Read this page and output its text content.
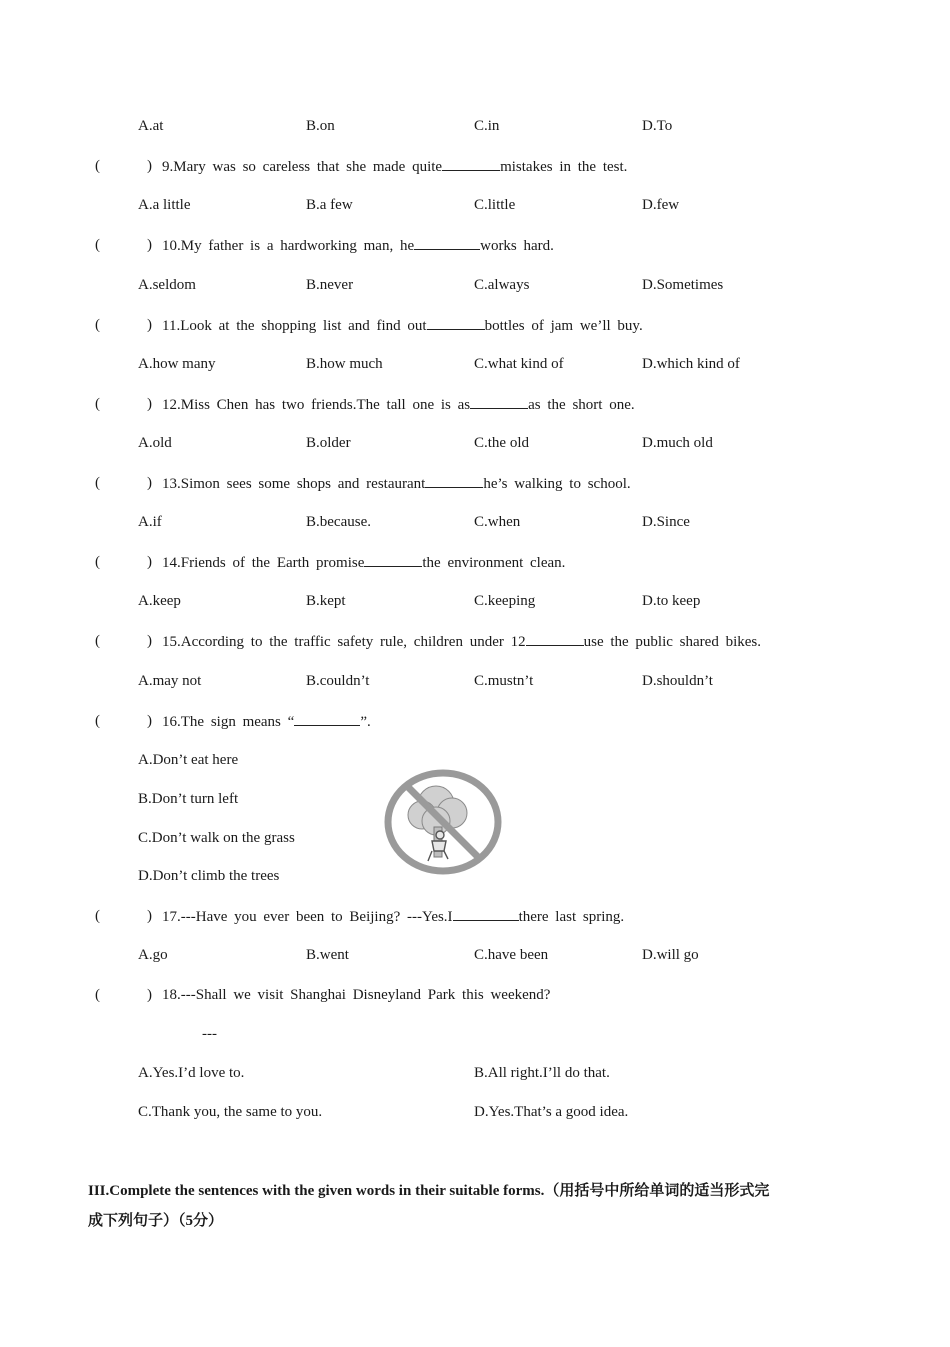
A.at	B.on	C.in	D.To
(	) 9.Mary was so careless that she made quite	mistakes in the test.
A.a little	B.a few	C.little	D.few
(	) 10.My father is a hardworking man, he	works hard.
A.seldom	B.never	C.always	D.Sometimes
(	) 11.Look at the shopping list and find out	bottles of jam we’ll buy.
A.how many	B.how much	C.what kind of	D.which kind of
(	) 12.Miss Chen has two friends.The tall one is as	as the short one.
A.old	B.older	C.the old	D.much old
(	) 13.Simon sees some shops and restaurant	he’s walking to school.
A.if	B.because.	C.when	D.Since
(	) 14.Friends of the Earth promise	the environment clean.
A.keep	B.kept	C.keeping	D.to keep
(	) 15.According to the traffic safety rule, children under 12	use the public shared bikes.
A.may not	B.couldn’t	C.mustn’t	D.shouldn’t
(	) 16.The sign means “	”.
A.Don’t eat here
B.Don’t turn left
C.Don’t walk on the grass
D.Don’t climb the trees
(	) 17.---Have you ever been to Beijing? ---Yes.I	there last spring.
A.go	B.went	C.have been	D.will go
(	) 18.---Shall we visit Shanghai Disneyland Park this weekend?
---
A.Yes.I’d love to.	B.All right.I’ll do that.
C.Thank you, the same to you.	D.Yes.That’s a good idea.
III.Complete the sentences with the given words in their suitable forms.（用括号中所给单词的适当形式完
成下列句子）（5分）
